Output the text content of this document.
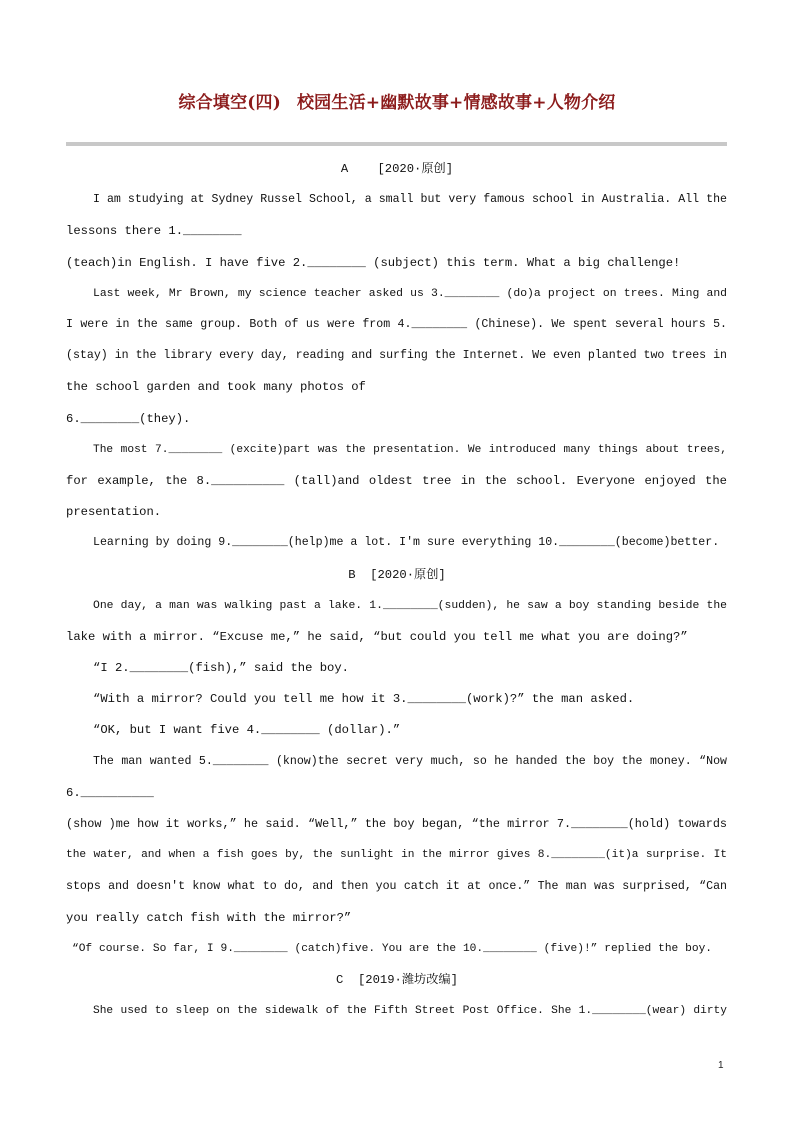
综合填空(四) 校园生活+幽默故事+情感故事+人物介绍
A    [2020·原创]
I am studying at Sydney Russel School, a small but very famous school in Australia. All the
lessons there 1.________
(teach)in English. I have five 2.________ (subject) this term. What a big challenge!
Last week, Mr Brown, my science teacher asked us 3.________ (do)a project on trees. Ming and
I were in the same group. Both of us were from 4.________ (Chinese). We spent several hours 5.
(stay) in the library every day, reading and surfing the Internet. We even planted two trees in
the school garden and took many photos of
6.________(they).
The most 7.________ (excite)part was the presentation. We introduced many things about trees,
for example, the 8.__________ (tall)and oldest tree in the school. Everyone enjoyed the
presentation.
Learning by doing 9.________(help)me a lot. I'm sure everything 10.________(become)better.
B  [2020·原创]
One day, a man was walking past a lake. 1.________(sudden), he saw a boy standing beside the
lake with a mirror. “Excuse me,” he said, “but could you tell me what you are doing?”
“I 2.________(fish),” said the boy.
“With a mirror? Could you tell me how it 3.________(work)?” the man asked.
“OK, but I want five 4.________ (dollar).”
The man wanted 5.________ (know)the secret very much, so he handed the boy the money. “Now
6.__________
(show )me how it works,” he said. “Well,” the boy began, “the mirror 7.________(hold) towards
the water, and when a fish goes by, the sunlight in the mirror gives 8.________(it)a surprise. It
stops and doesn't know what to do, and then you catch it at once.” The man was surprised, “Can
you really catch fish with the mirror?”
“Of course. So far, I 9.________ (catch)five. You are the 10.________ (five)!” replied the boy.
C  [2019·潍坊改编]
She used to sleep on the sidewalk of the Fifth Street Post Office. She 1.________(wear) dirty
1
